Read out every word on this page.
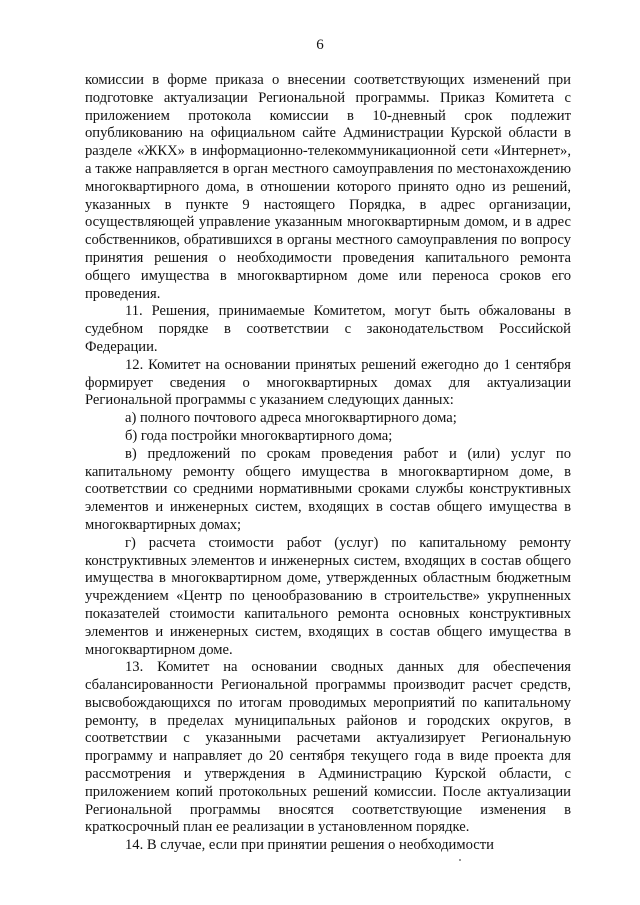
6

комиссии в форме приказа о внесении соответствующих изменений при подготовке актуализации Региональной программы. Приказ Комитета с приложением протокола комиссии в 10-дневный срок подлежит опубликованию на официальном сайте Администрации Курской области в разделе «ЖКХ» в информационно-телекоммуникационной сети «Интернет», а также направляется в орган местного самоуправления по местонахождению многоквартирного дома, в отношении которого принято одно из решений, указанных в пункте 9 настоящего Порядка, в адрес организации, осуществляющей управление указанным многоквартирным домом, и в адрес собственников, обратившихся в органы местного самоуправления по вопросу принятия решения о необходимости проведения капитального ремонта общего имущества в многоквартирном доме или переноса сроков его проведения.

11. Решения, принимаемые Комитетом, могут быть обжалованы в судебном порядке в соответствии с законодательством Российской Федерации.

12. Комитет на основании принятых решений ежегодно до 1 сентября формирует сведения о многоквартирных домах для актуализации Региональной программы с указанием следующих данных:

а) полного почтового адреса многоквартирного дома;

б) года постройки многоквартирного дома;

в) предложений по срокам проведения работ и (или) услуг по капитальному ремонту общего имущества в многоквартирном доме, в соответствии со средними нормативными сроками службы конструктивных элементов и инженерных систем, входящих в состав общего имущества в многоквартирных домах;

г) расчета стоимости работ (услуг) по капитальному ремонту конструктивных элементов и инженерных систем, входящих в состав общего имущества в многоквартирном доме, утвержденных областным бюджетным учреждением «Центр по ценообразованию в строительстве» укрупненных показателей стоимости капитального ремонта основных конструктивных элементов и инженерных систем, входящих в состав общего имущества в многоквартирном доме.

13. Комитет на основании сводных данных для обеспечения сбалансированности Региональной программы производит расчет средств, высвобождающихся по итогам проводимых мероприятий по капитальному ремонту, в пределах муниципальных районов и городских округов, в соответствии с указанными расчетами актуализирует Региональную программу и направляет до 20 сентября текущего года в виде проекта для рассмотрения и утверждения в Администрацию Курской области, с приложением копий протокольных решений комиссии. После актуализации Региональной программы вносятся соответствующие изменения в краткосрочный план ее реализации в установленном порядке.

14. В случае, если при принятии решения о необходимости
